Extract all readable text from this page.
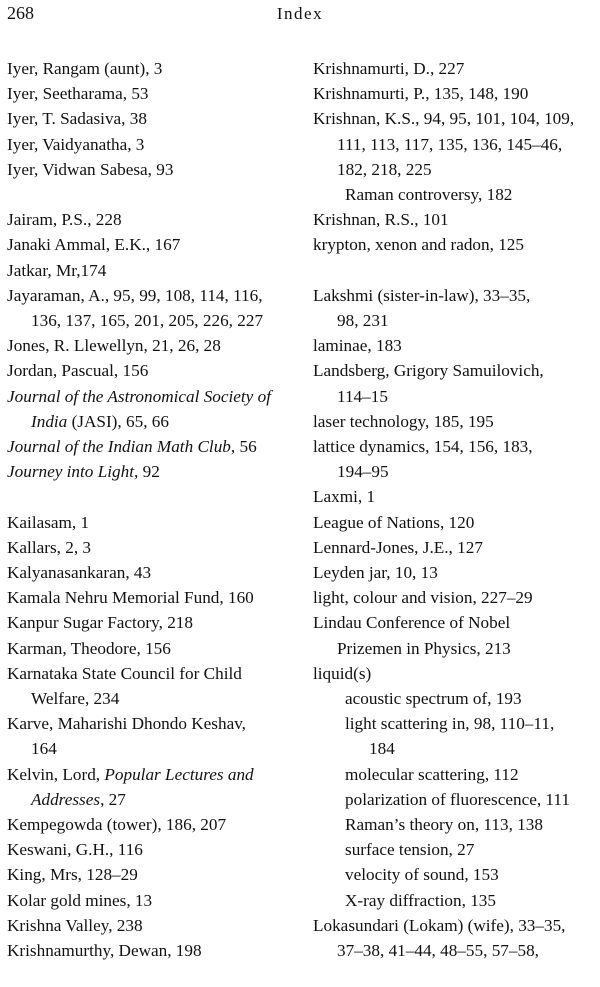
268	Index
Iyer, Rangam (aunt), 3
Iyer, Seetharama, 53
Iyer, T. Sadasiva, 38
Iyer, Vaidyanatha, 3
Iyer, Vidwan Sabesa, 93
Jairam, P.S., 228
Janaki Ammal, E.K., 167
Jatkar, Mr,174
Jayaraman, A., 95, 99, 108, 114, 116,
136, 137, 165, 201, 205, 226, 227
Jones, R. Llewellyn, 21, 26, 28
Jordan, Pascual, 156
Journal of the Astronomical Society of
India (JASI), 65, 66
Journal of the Indian Math Club, 56
Journey into Light, 92
Kailasam, 1
Kallars, 2, 3
Kalyanasankaran, 43
Kamala Nehru Memorial Fund, 160
Kanpur Sugar Factory, 218
Karman, Theodore, 156
Karnataka State Council for Child
Welfare, 234
Karve, Maharishi Dhondo Keshav,
164
Kelvin, Lord, Popular Lectures and
Addresses, 27
Kempegowda (tower), 186, 207
Keswani, G.H., 116
King, Mrs, 128–29
Kolar gold mines, 13
Krishna Valley, 238
Krishnamurthy, Dewan, 198
Krishnamurti, D., 227
Krishnamurti, P., 135, 148, 190
Krishnan, K.S., 94, 95, 101, 104, 109,
111, 113, 117, 135, 136, 145–46,
182, 218, 225
Raman controversy, 182
Krishnan, R.S., 101
krypton, xenon and radon, 125
Lakshmi (sister-in-law), 33–35,
98, 231
laminae, 183
Landsberg, Grigory Samuilovich,
114–15
laser technology, 185, 195
lattice dynamics, 154, 156, 183,
194–95
Laxmi, 1
League of Nations, 120
Lennard-Jones, J.E., 127
Leyden jar, 10, 13
light, colour and vision, 227–29
Lindau Conference of Nobel
Prizemen in Physics, 213
liquid(s)
acoustic spectrum of, 193
light scattering in, 98, 110–11,
184
molecular scattering, 112
polarization of fluorescence, 111
Raman’s theory on, 113, 138
surface tension, 27
velocity of sound, 153
X-ray diffraction, 135
Lokasundari (Lokam) (wife), 33–35,
37–38, 41–44, 48–55, 57–58,
